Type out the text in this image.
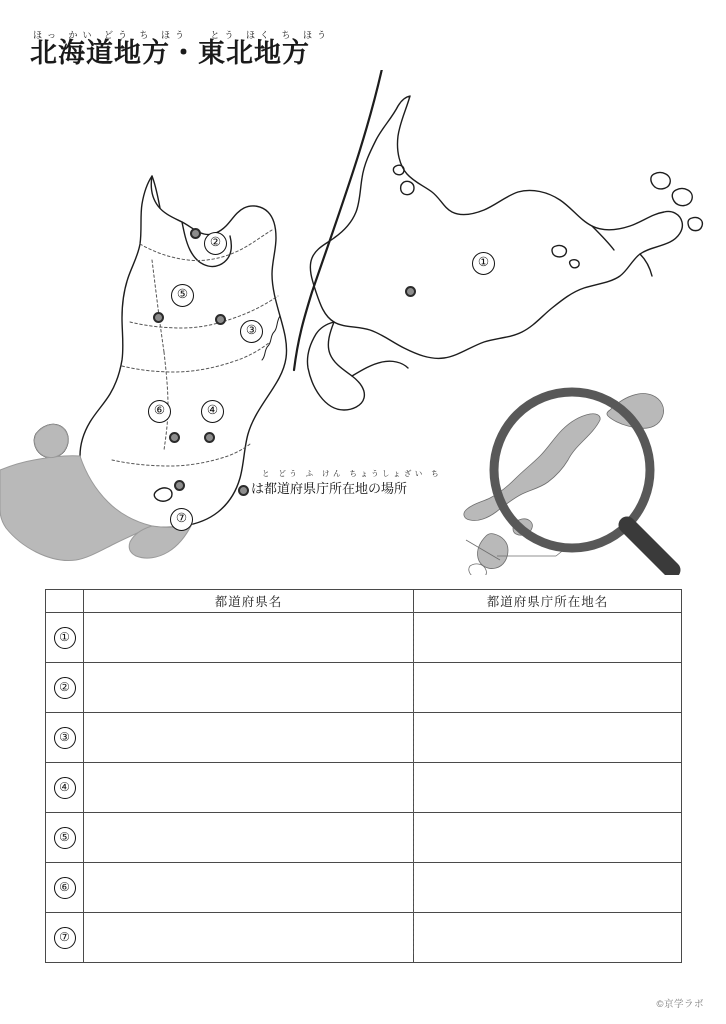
ほっ かい どう ち ほう　 とう ほく ち ほう
北海道地方・東北地方
①
②
③
⑤
⑥	④
⑦
と どう ふ けん ちょうしょざい ち
は都道府県庁所在地の場所
	都道府県名	都道府県庁所在地名
①		
②		
③		
④		
⑤		
⑥		
⑦		
©京学ラボ
